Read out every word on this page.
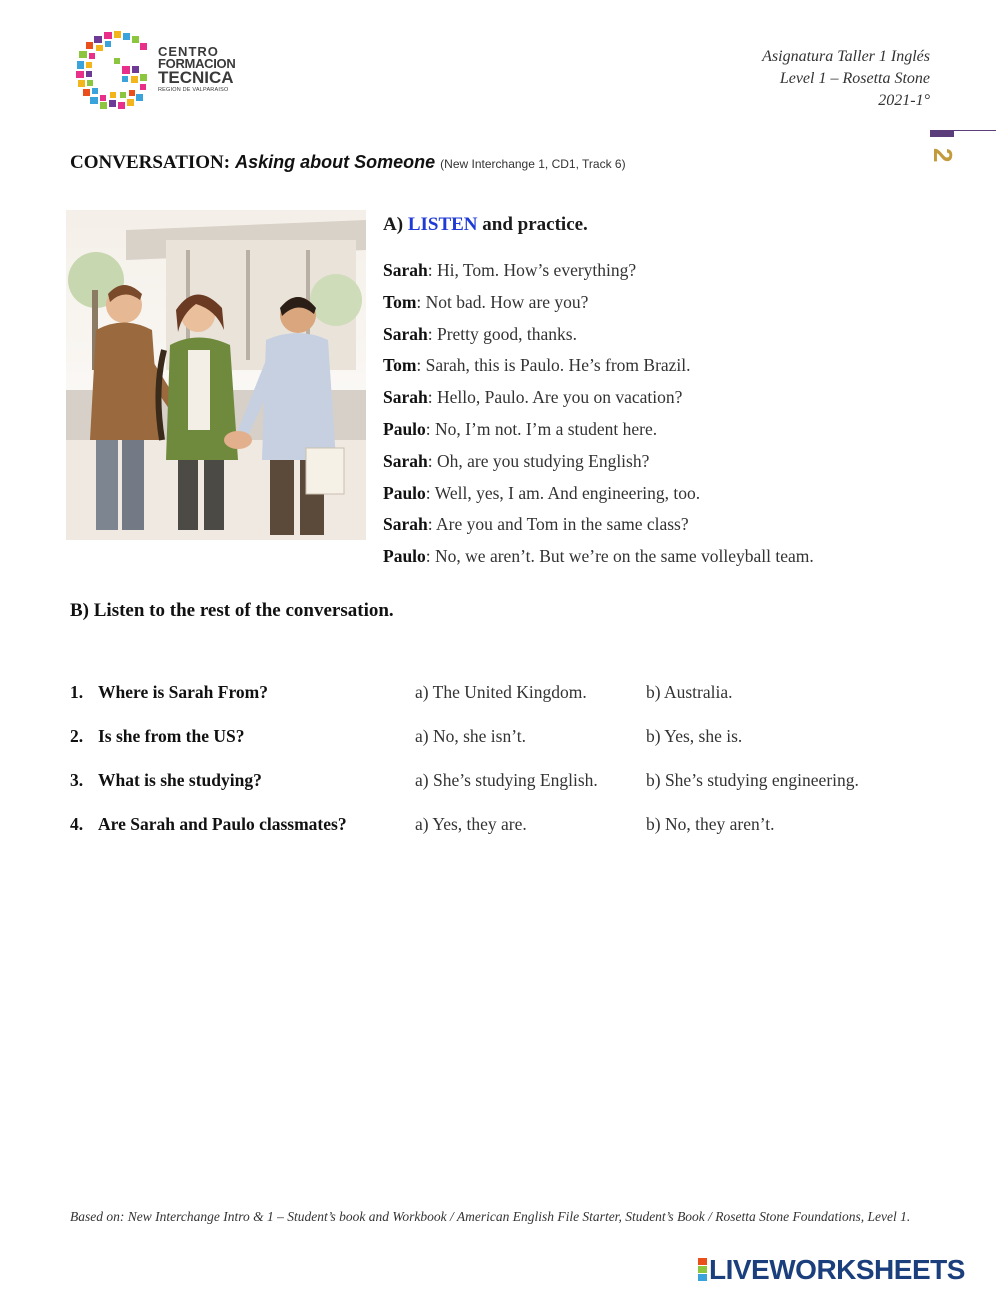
CENTRO
FORMACION
TECNICA
REGION DE VALPARAISO
Asignatura Taller 1 Inglés
Level 1 – Rosetta Stone
2021-1°
2
CONVERSATION: Asking about Someone (New Interchange 1, CD1, Track 6)
A) LISTEN and practice.
Sarah: Hi, Tom. How’s everything?
Tom: Not bad. How are you?
Sarah: Pretty good, thanks.
Tom: Sarah, this is Paulo. He’s from Brazil.
Sarah: Hello, Paulo. Are you on vacation?
Paulo: No, I’m not. I’m a student here.
Sarah: Oh, are you studying English?
Paulo: Well, yes, I am. And engineering, too.
Sarah: Are you and Tom in the same class?
Paulo: No, we aren’t. But we’re on the same volleyball team.
B) Listen to the rest of the conversation.
1. Where is Sarah From?	a) The United Kingdom.	b) Australia.
2. Is she from the US?	a) No, she isn’t.	b) Yes, she is.
3. What is she studying?	a) She’s studying English.	b) She’s studying engineering.
4. Are Sarah and Paulo classmates?	a) Yes, they are.	b) No, they aren’t.
Based on: New Interchange Intro & 1 – Student’s book and Workbook / American English File Starter, Student’s Book / Rosetta Stone Foundations, Level 1.
LIVEWORKSHEETS
